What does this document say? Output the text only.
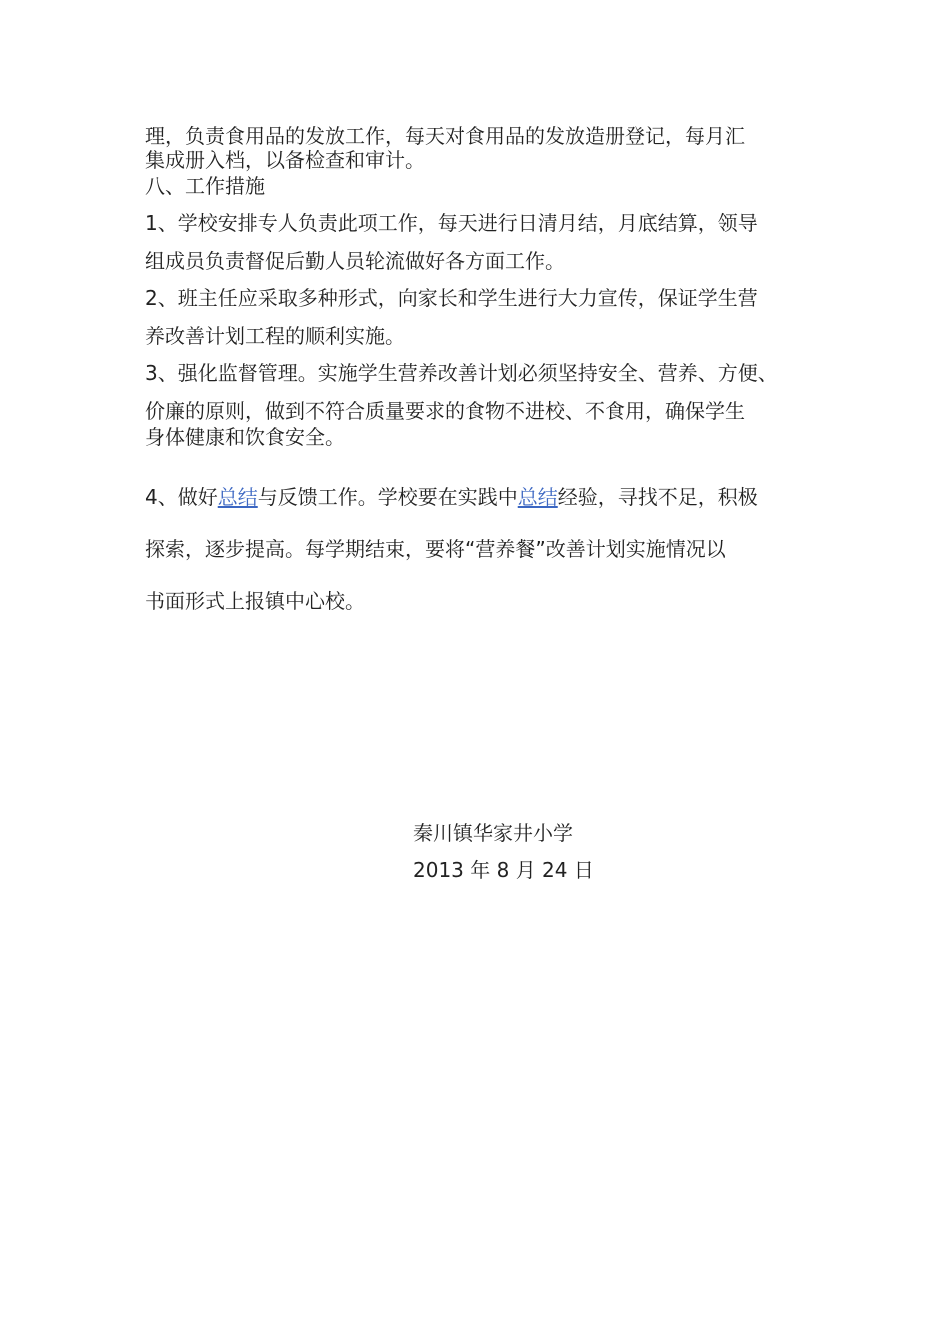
理，负责食用品的发放工作，每天对食用品的发放造册登记，每月汇
集成册入档，以备检查和审计。
八、工作措施
1、学校安排专人负责此项工作，每天进行日清月结，月底结算，领导
组成员负责督促后勤人员轮流做好各方面工作。
2、班主任应采取多种形式，向家长和学生进行大力宣传，保证学生营
养改善计划工程的顺利实施。
3、强化监督管理。实施学生营养改善计划必须坚持安全、营养、方便、
价廉的原则，做到不符合质量要求的食物不进校、不食用，确保学生
身体健康和饮食安全。
4、做好总结与反馈工作。学校要在实践中总结经验，寻找不足，积极
探索，逐步提高。每学期结束，要将“营养餐”改善计划实施情况以
书面形式上报镇中心校。
秦川镇华家井小学
2013 年 8 月 24 日
